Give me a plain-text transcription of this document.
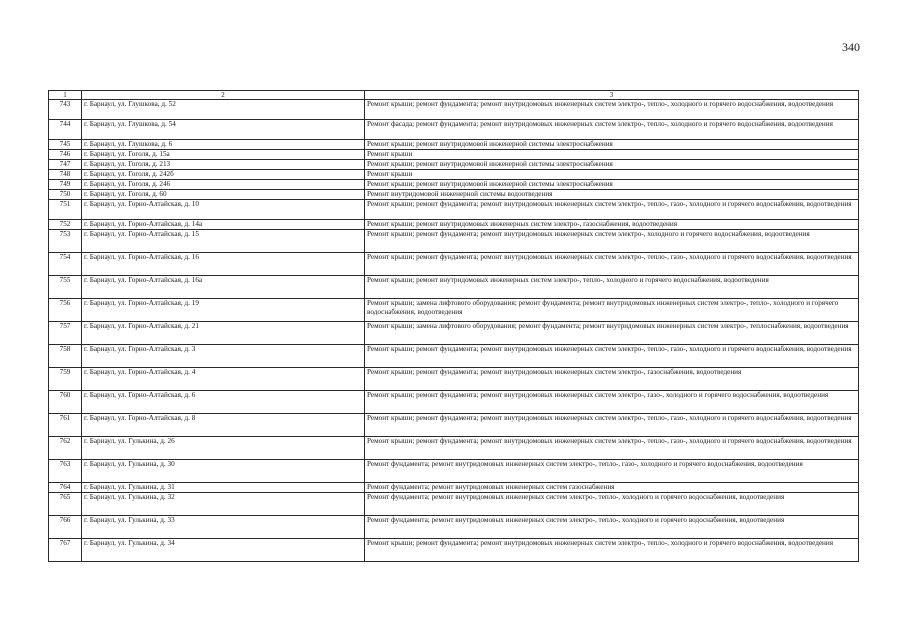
340
1	2	3
743	г. Барнаул, ул. Глушкова, д. 52	Ремонт крыши; ремонт фундамента; ремонт внутридомовых инженерных систем электро-, тепло-, холодного и горячего водоснабжения, водоотведения
744	г. Барнаул, ул. Глушкова, д. 54	Ремонт фасада; ремонт фундамента; ремонт внутридомовых инженерных систем электро-, тепло-, холодного и горячего водоснабжения, водоотведения
745	г. Барнаул, ул. Глушкова, д. 6	Ремонт крыши; ремонт внутридомовой инженерной системы электроснабжения
746	г. Барнаул, ул. Гоголя, д. 15а	Ремонт крыши
747	г. Барнаул, ул. Гоголя, д. 213	Ремонт крыши; ремонт внутридомовой инженерной системы электроснабжения
748	г. Барнаул, ул. Гоголя, д. 242б	Ремонт крыши
749	г. Барнаул, ул. Гоголя, д. 246	Ремонт крыши; ремонт внутридомовой инженерной системы электроснабжения
750	г. Барнаул, ул. Гоголя, д. 60	Ремонт внутридомовой инженерной системы водоотведения
751	г. Барнаул, ул. Горно-Алтайская, д. 10	Ремонт крыши; ремонт фундамента; ремонт внутридомовых инженерных систем электро-, тепло-, газо-, холодного и горячего водоснабжения, водоотведения
752	г. Барнаул, ул. Горно-Алтайская, д. 14а	Ремонт крыши; ремонт внутридомовых инженерных систем электро-, газоснабжения, водоотведения
753	г. Барнаул, ул. Горно-Алтайская, д. 15	Ремонт крыши; ремонт фундамента; ремонт внутридомовых инженерных систем электро-, холодного и горячего водоснабжения, водоотведения
754	г. Барнаул, ул. Горно-Алтайская, д. 16	Ремонт крыши; ремонт фундамента; ремонт внутридомовых инженерных систем электро-, тепло-, газо-, холодного и горячего водоснабжения, водоотведения
755	г. Барнаул, ул. Горно-Алтайская, д. 16а	Ремонт крыши; ремонт внутридомовых инженерных систем электро-, тепло-, холодного и горячего водоснабжения, водоотведения
756	г. Барнаул, ул. Горно-Алтайская, д. 19	Ремонт крыши; замена лифтового оборудования; ремонт фундамента; ремонт внутридомовых инженерных систем электро-, тепло-, холодного и горячего водоснабжения, водоотведения
757	г. Барнаул, ул. Горно-Алтайская, д. 21	Ремонт крыши; замена лифтового оборудования; ремонт фундамента; ремонт внутридомовых инженерных систем электро-, теплоснабжения, водоотведения
758	г. Барнаул, ул. Горно-Алтайская, д. 3	Ремонт крыши; ремонт фундамента; ремонт внутридомовых инженерных систем электро-, тепло-, газо-, холодного и горячего водоснабжения, водоотведения
759	г. Барнаул, ул. Горно-Алтайская, д. 4	Ремонт крыши; ремонт фундамента; ремонт внутридомовых инженерных систем электро-, газоснабжения, водоотведения
760	г. Барнаул, ул. Горно-Алтайская, д. 6	Ремонт крыши; ремонт фундамента; ремонт внутридомовых инженерных систем электро-, газо-, холодного и горячего водоснабжения, водоотведения
761	г. Барнаул, ул. Горно-Алтайская, д. 8	Ремонт крыши; ремонт фундамента; ремонт внутридомовых инженерных систем электро-, тепло-, газо-, холодного и горячего водоснабжения, водоотведения
762	г. Барнаул, ул. Гулькина, д. 26	Ремонт крыши; ремонт фундамента; ремонт внутридомовых инженерных систем электро-, тепло-, газо-, холодного и горячего водоснабжения, водоотведения
763	г. Барнаул, ул. Гулькина, д. 30	Ремонт фундамента; ремонт внутридомовых инженерных систем электро-, тепло-, газо-, холодного и горячего водоснабжения, водоотведения
764	г. Барнаул, ул. Гулькина, д. 31	Ремонт фундамента; ремонт внутридомовых инженерных систем газоснабжения
765	г. Барнаул, ул. Гулькина, д. 32	Ремонт фундамента; ремонт внутридомовых инженерных систем электро-, тепло-, холодного и горячего водоснабжения, водоотведения
766	г. Барнаул, ул. Гулькина, д. 33	Ремонт фундамента; ремонт внутридомовых инженерных систем электро-, тепло-, холодного и горячего водоснабжения, водоотведения
767	г. Барнаул, ул. Гулькина, д. 34	Ремонт крыши; ремонт фундамента; ремонт внутридомовых инженерных систем электро-, тепло-, холодного и горячего водоснабжения, водоотведения
